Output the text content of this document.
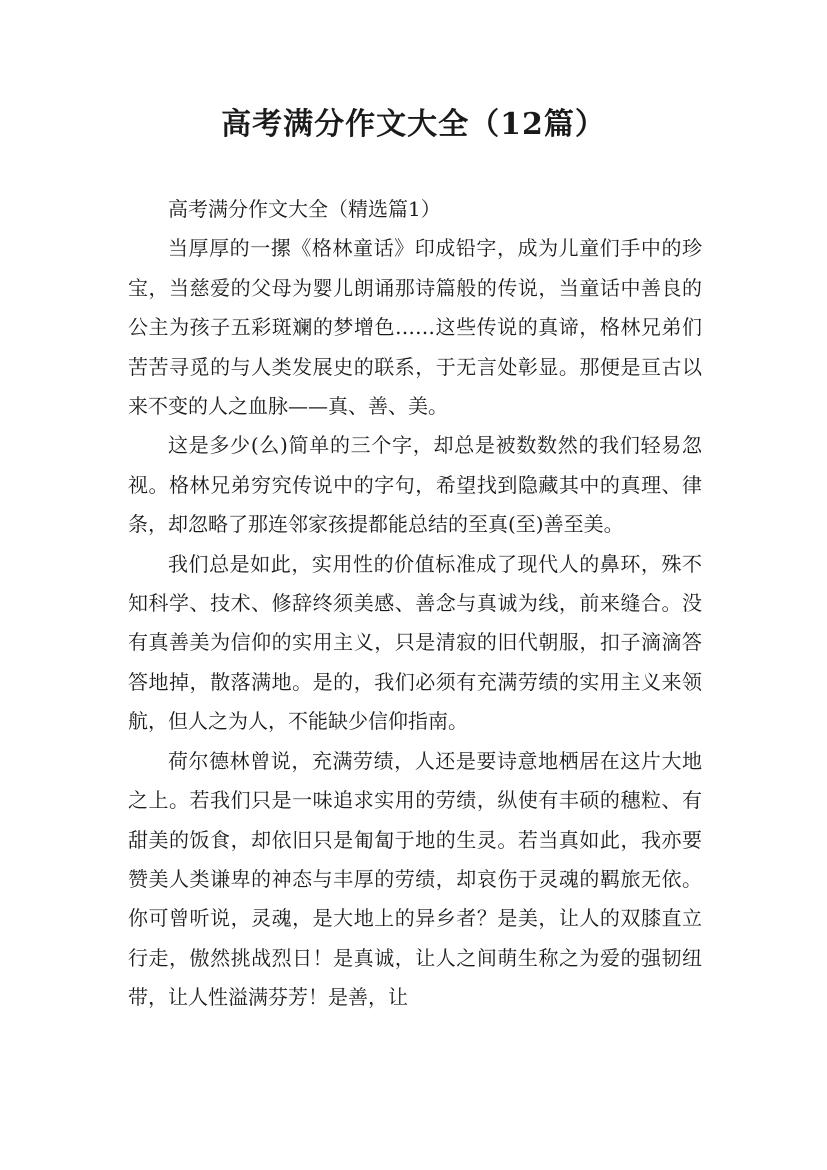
高考满分作文大全（12篇）

高考满分作文大全（精选篇1）

当厚厚的一摞《格林童话》印成铅字，成为儿童们手中的珍宝，当慈爱的父母为婴儿朗诵那诗篇般的传说，当童话中善良的公主为孩子五彩斑斓的梦增色……这些传说的真谛，格林兄弟们苦苦寻觅的与人类发展史的联系，于无言处彰显。那便是亘古以来不变的人之血脉——真、善、美。

这是多少(么)简单的三个字，却总是被数数然的我们轻易忽视。格林兄弟穷究传说中的字句，希望找到隐藏其中的真理、律条，却忽略了那连邻家孩提都能总结的至真(至)善至美。

我们总是如此，实用性的价值标准成了现代人的鼻环，殊不知科学、技术、修辞终须美感、善念与真诚为线，前来缝合。没有真善美为信仰的实用主义，只是清寂的旧代朝服，扣子滴滴答答地掉，散落满地。是的，我们必须有充满劳绩的实用主义来领航，但人之为人，不能缺少信仰指南。

荷尔德林曾说，充满劳绩，人还是要诗意地栖居在这片大地之上。若我们只是一味追求实用的劳绩，纵使有丰硕的穗粒、有甜美的饭食，却依旧只是匍匐于地的生灵。若当真如此，我亦要赞美人类谦卑的神态与丰厚的劳绩，却哀伤于灵魂的羁旅无依。你可曾听说，灵魂，是大地上的异乡者？是美，让人的双膝直立行走，傲然挑战烈日！是真诚，让人之间萌生称之为爱的强韧纽带，让人性溢满芬芳！是善，让
